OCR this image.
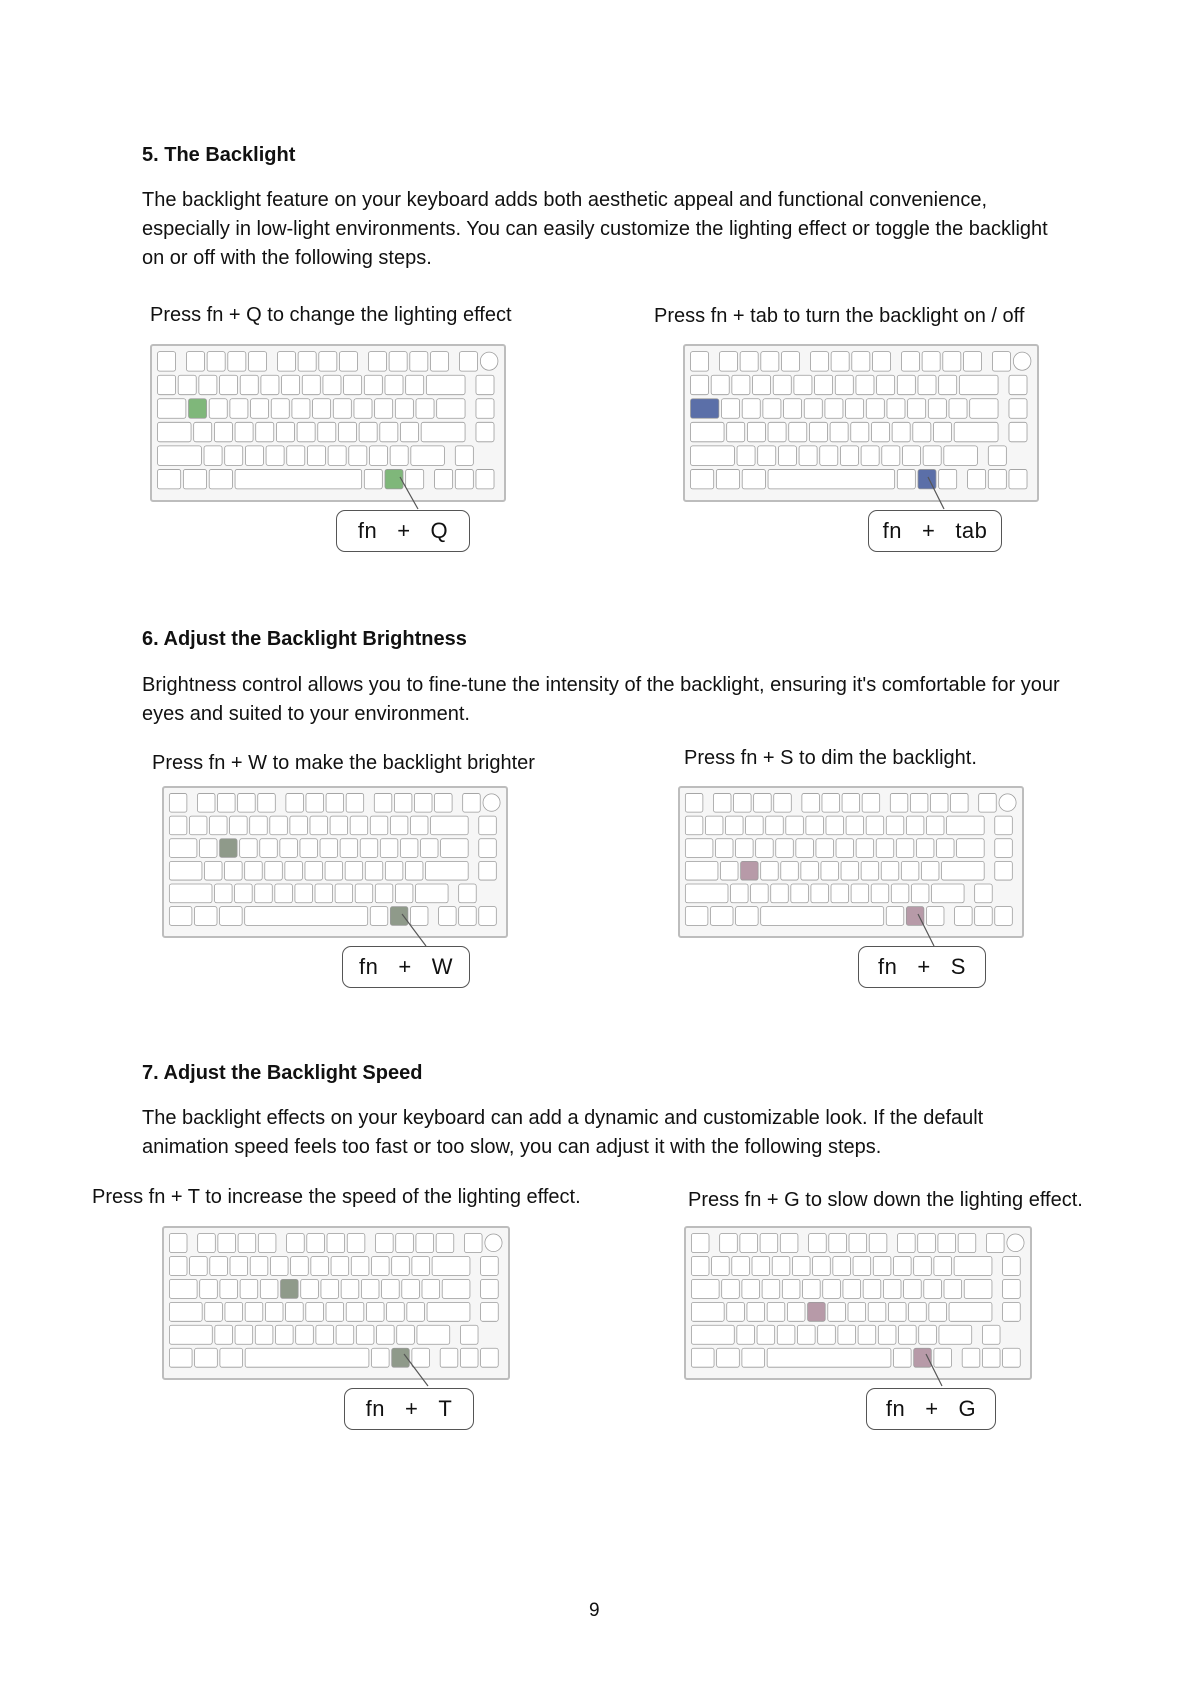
5. The Backlight
The backlight feature on your keyboard adds both aesthetic appeal and functional convenience, especially in low-light environments. You can easily customize the lighting effect or toggle the backlight on or off with the following steps.
Press fn + Q to change the lighting effect
fn + Q
Press fn + tab to turn the backlight on / off
fn + tab
6. Adjust the Backlight Brightness
Brightness control allows you to fine-tune the intensity of the backlight, ensuring it's comfortable for your eyes and suited to your environment.
Press fn + W to make the backlight brighter
fn + W
Press fn + S to dim the backlight.
fn + S
7. Adjust the Backlight Speed
The backlight effects on your keyboard can add a dynamic and customizable look. If the default animation speed feels too fast or too slow, you can adjust it with the following steps.
Press fn + T to increase the speed of the lighting effect.
fn + T
Press fn + G to slow down the lighting effect.
fn + G
9
